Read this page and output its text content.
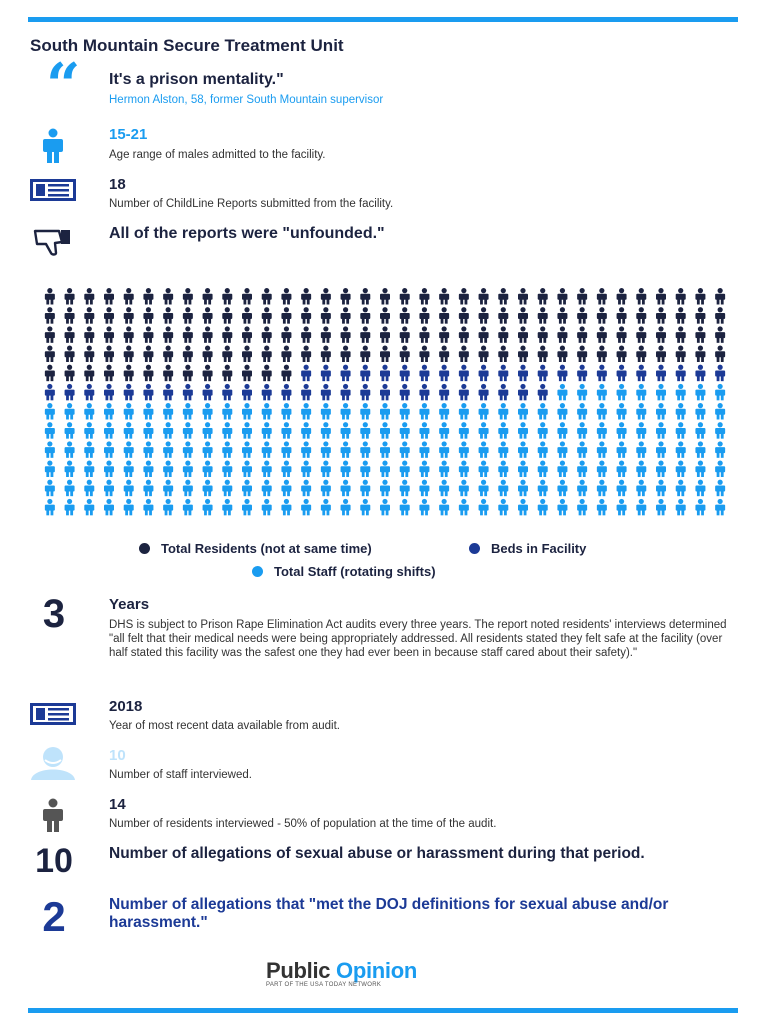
South Mountain Secure Treatment Unit
“ It's a prison mentality."
Hermon Alston, 58, former South Mountain supervisor
15-21
Age range of males admitted to the facility.
18
Number of ChildLine Reports submitted from the facility.
All of the reports were "unfounded."
Total Residents (not at same time)	Beds in Facility
Total Staff (rotating shifts)
3	Years
DHS is subject to Prison Rape Elimination Act audits every three years. The report noted residents' interviews determined "all felt that their medical needs were being appropriately addressed. All residents stated they felt safe at the facility (over half stated this facility was the safest one they had ever been in because staff cared about their safety)."
2018
Year of most recent data available from audit.
10
Number of staff interviewed.
14
Number of residents interviewed - 50% of population at the time of the audit.
10	Number of allegations of sexual abuse or harassment during that period.
2	Number of allegations that "met the DOJ definitions for sexual abuse and/or harassment."
Public Opinion
PART OF THE USA TODAY NETWORK
